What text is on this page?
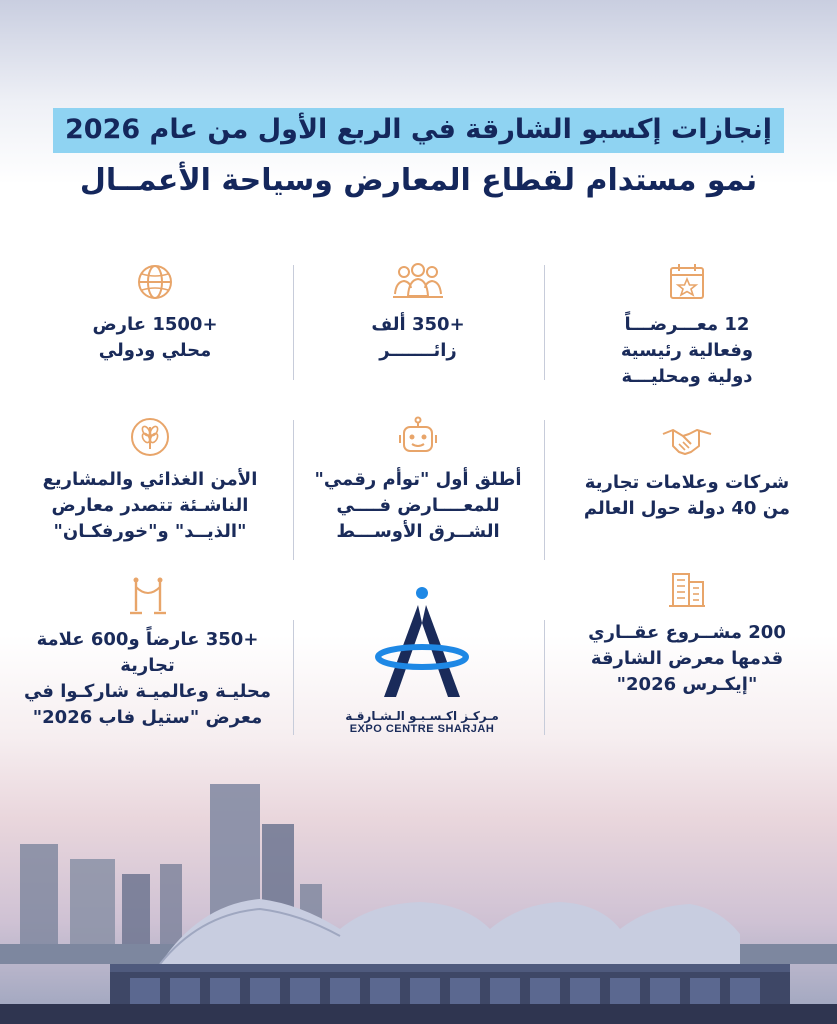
إنجازات إكسبو الشارقة في الربع الأول من عام 2026
نمو مستدام لقطاع المعارض وسياحة الأعمــال
12 معـــرضـــاً
وفعالية رئيسية
دولية ومحليـــة
+350 ألف
زائـــــــر
+1500 عارض
محلي ودولي
شركات وعلامات تجارية
من 40 دولة حول العالم
أطلق أول "توأم رقمي"
للمعــــارض فــــي
الشــرق الأوســـط
الأمن الغذائي والمشاريع
الناشـئة تتصدر معارض
"الذيــد" و"خورفكـان"
200 مشــروع عقــاري
قدمها معرض الشارقة
"إيكـرس 2026"
مـركـز اكـسـبـو الـشـارقـة
EXPO CENTRE SHARJAH
+350 عارضاً و600 علامة تجارية
محليـة وعالميـة شاركـوا في
معرض "ستيل فاب 2026"
